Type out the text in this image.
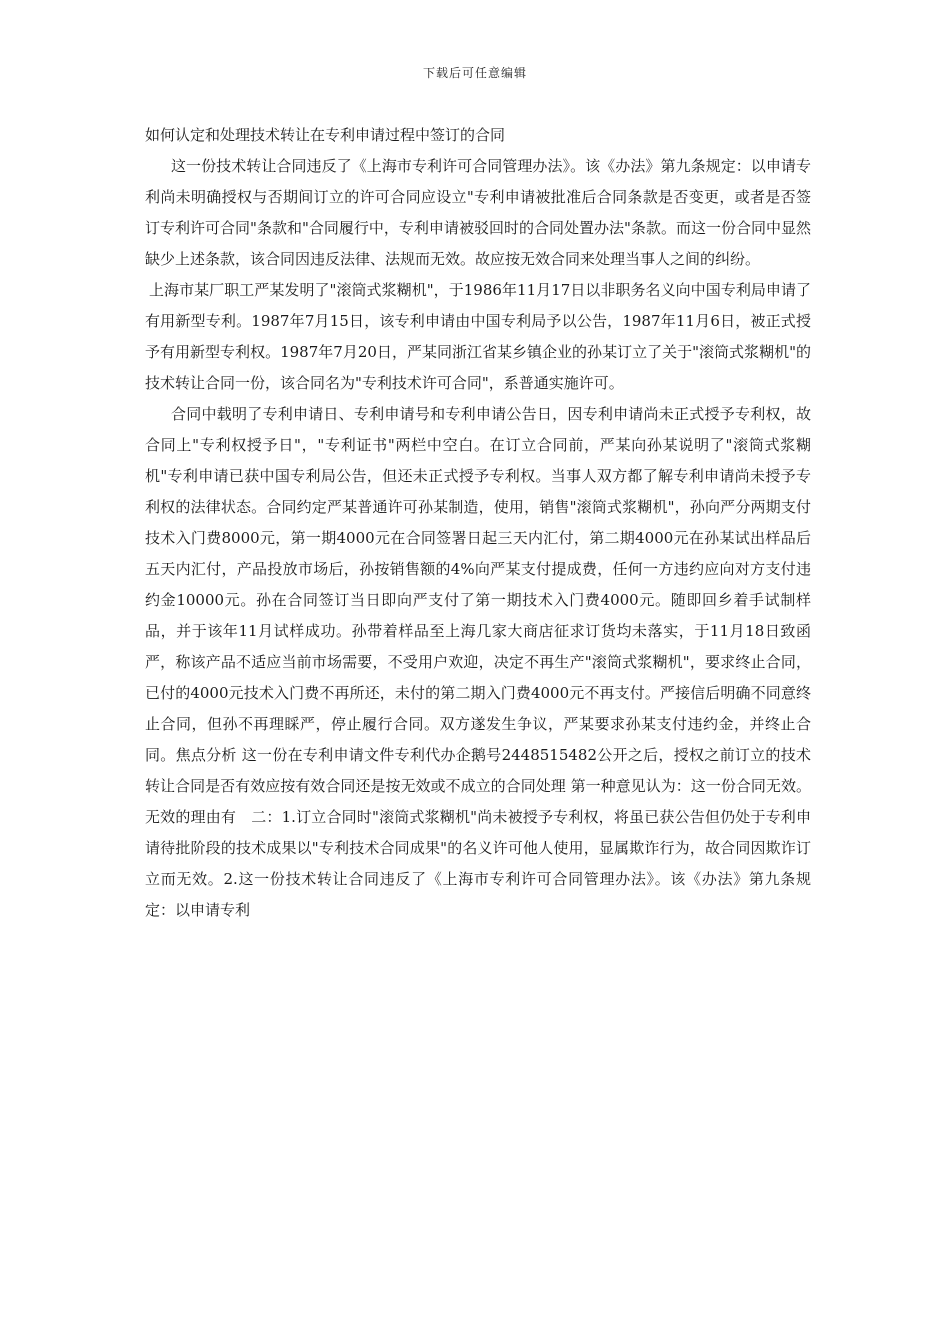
下载后可任意编辑

如何认定和处理技术转让在专利申请过程中签订的合同

这一份技术转让合同违反了《上海市专利许可合同管理办法》。该《办法》第九条规定：以申请专利尚未明确授权与否期间订立的许可合同应设立"专利申请被批准后合同条款是否变更，或者是否签订专利许可合同"条款和"合同履行中，专利申请被驳回时的合同处置办法"条款。而这一份合同中显然缺少上述条款，该合同因违反法律、法规而无效。故应按无效合同来处理当事人之间的纠纷。

上海市某厂职工严某发明了"滚筒式浆糊机"，于1986年11月17日以非职务名义向中国专利局申请了有用新型专利。1987年7月15日，该专利申请由中国专利局予以公告，1987年11月6日，被正式授予有用新型专利权。1987年7月20日，严某同浙江省某乡镇企业的孙某订立了关于"滚筒式浆糊机"的技术转让合同一份，该合同名为"专利技术许可合同"，系普通实施许可。

合同中载明了专利申请日、专利申请号和专利申请公告日，因专利申请尚未正式授予专利权，故合同上"专利权授予日"，"专利证书"两栏中空白。在订立合同前，严某向孙某说明了"滚筒式浆糊机"专利申请已获中国专利局公告，但还未正式授予专利权。当事人双方都了解专利申请尚未授予专利权的法律状态。合同约定严某普通许可孙某制造，使用，销售"滚筒式浆糊机"，孙向严分两期支付技术入门费8000元，第一期4000元在合同签署日起三天内汇付，第二期4000元在孙某试出样品后五天内汇付，产品投放市场后，孙按销售额的4%向严某支付提成费，任何一方违约应向对方支付违约金10000元。孙在合同签订当日即向严支付了第一期技术入门费4000元。随即回乡着手试制样品，并于该年11月试样成功。孙带着样品至上海几家大商店征求订货均未落实，于11月18日致函严，称该产品不适应当前市场需要，不受用户欢迎，决定不再生产"滚筒式浆糊机"，要求终止合同，已付的4000元技术入门费不再所还，未付的第二期入门费4000元不再支付。严接信后明确不同意终止合同，但孙不再理睬严，停止履行合同。双方遂发生争议，严某要求孙某支付违约金，并终止合同。焦点分析 这一份在专利申请文件专利代办企鹅号2448515482公开之后，授权之前订立的技术转让合同是否有效应按有效合同还是按无效或不成立的合同处理 第一种意见认为：这一份合同无效。无效的理由有　二：1.订立合同时"滚筒式浆糊机"尚未被授予专利权，将虽已获公告但仍处于专利申请待批阶段的技术成果以"专利技术合同成果"的名义许可他人使用，显属欺诈行为，故合同因欺诈订立而无效。2.这一份技术转让合同违反了《上海市专利许可合同管理办法》。该《办法》第九条规定：以申请专利
